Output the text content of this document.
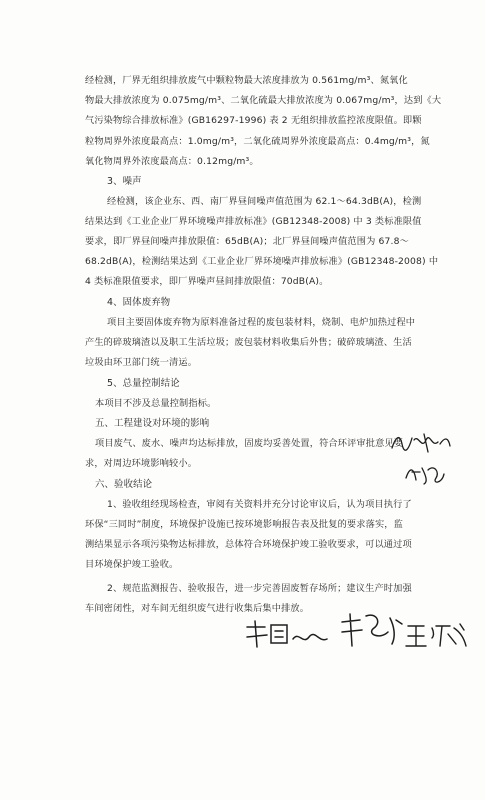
经检测，厂界无组织排放废气中颗粒物最大浓度排放为 0.561mg/m³、氮氧化
物最大排放浓度为 0.075mg/m³、二氧化硫最大排放浓度为 0.067mg/m³，达到《大
气污染物综合排放标准》(GB16297-1996) 表 2 无组织排放监控浓度限值。即颗
粒物周界外浓度最高点：1.0mg/m³，二氧化硫周界外浓度最高点：0.4mg/m³，氮
氧化物周界外浓度最高点：0.12mg/m³。
3、噪声
经检测，该企业东、西、南厂界昼间噪声值范围为 62.1～64.3dB(A)，检测
结果达到《工业企业厂界环境噪声排放标准》(GB12348-2008) 中 3 类标准限值
要求，即厂界昼间噪声排放限值：65dB(A)；北厂界昼间噪声值范围为 67.8～
68.2dB(A)，检测结果达到《工业企业厂界环境噪声排放标准》(GB12348-2008) 中
4 类标准限值要求，即厂界噪声昼间排放限值：70dB(A)。
4、固体废弃物
项目主要固体废弃物为原料准备过程的废包装材料，烧制、电炉加热过程中
产生的碎玻璃渣以及职工生活垃圾；废包装材料收集后外售；破碎玻璃渣、生活
垃圾由环卫部门统一清运。
5、总量控制结论
本项目不涉及总量控制指标。
五、工程建设对环境的影响
项目废气、废水、噪声均达标排放，固废均妥善处置，符合环评审批意见要
求，对周边环境影响较小。
六、验收结论
1、验收组经现场检查，审阅有关资料并充分讨论审议后，认为项目执行了
环保“三同时”制度，环境保护设施已按环境影响报告表及批复的要求落实，监
测结果显示各项污染物达标排放，总体符合环境保护竣工验收要求，可以通过项
目环境保护竣工验收。
2、规范监测报告、验收报告，进一步完善固废暂存场所；建议生产时加强
车间密闭性，对车间无组织废气进行收集后集中排放。
